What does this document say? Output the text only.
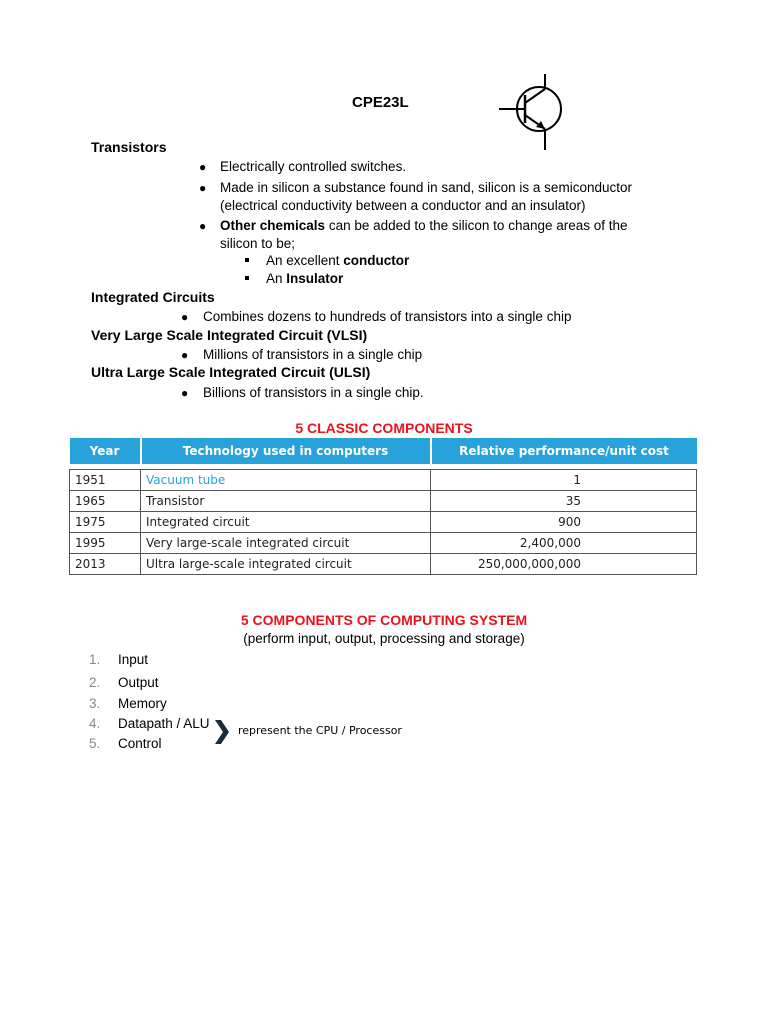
CPE23L
Transistors
● Electrically controlled switches.
● Made in silicon a substance found in sand, silicon is a semiconductor
(electrical conductivity between a conductor and an insulator)
● Other chemicals can be added to the silicon to change areas of the
silicon to be;
An excellent conductor
An Insulator
Integrated Circuits
● Combines dozens to hundreds of transistors into a single chip
Very Large Scale Integrated Circuit (VLSI)
● Millions of transistors in a single chip
Ultra Large Scale Integrated Circuit (ULSI)
● Billions of transistors in a single chip.
5 CLASSIC COMPONENTS
Year	Technology used in computers	Relative performance/unit cost

1951	Vacuum tube	1
1965	Transistor	35
1975	Integrated circuit	900
1995	Very large-scale integrated circuit	2,400,000
2013	Ultra large-scale integrated circuit	250,000,000,000
5 COMPONENTS OF COMPUTING SYSTEM
(perform input, output, processing and storage)
1. Input
2. Output
3. Memory
4. Datapath / ALU
5. Control
represent the CPU / Processor
